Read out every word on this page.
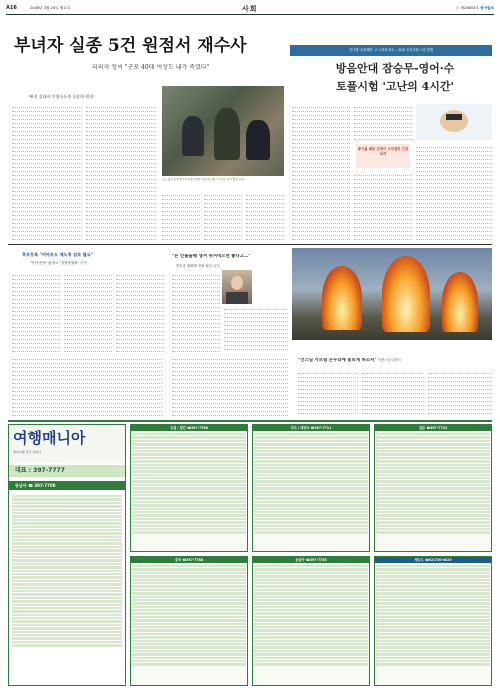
A16	2008년 3월 24일 월요일	사회	ⓒ 제26853호 동아일보
부녀자 실종 5건 원점서 재수사
피의자 정씨 "군포 40대 여성도 내가 죽였다"
"완전 상태서 안양초등생 실종에 쉽게"
군포 밤토 농장에서 수사대가 현장 조사하고 있다. 사진은 당시 현장 모습.
지난해 '동물해변' 주·시장장 8곳 -- 50분 농업지원 시험 발행
방음안대 잠승무-영어·수
토플시험 '고난의 4시간'
종이를 배운 간척이 소리집까 긴장 보여
후보등록 "비마보도 제도적 검토 필요"
'이념'운영' 없애고 '경영중립화' 추진
"돈 안줄을때 생겨 위겨먹으면 좋다고…"
변호중 회원팩 징원 협산 요인
"건스님 가르침 온누리에 꽃피게 하소서" 덕현스님 다비식
여행매니아
해외여행 전문 여행사
대표 : 397-7777
동남아 ☎ 397-7700
유럽 / 발칸 ☎397-7766	미주 / 대양주 ☎397-7711	일본 ☎397-7733
중국 ☎397-7788	동남아 ☎397-7755	제주도 ☎02)720-0025
